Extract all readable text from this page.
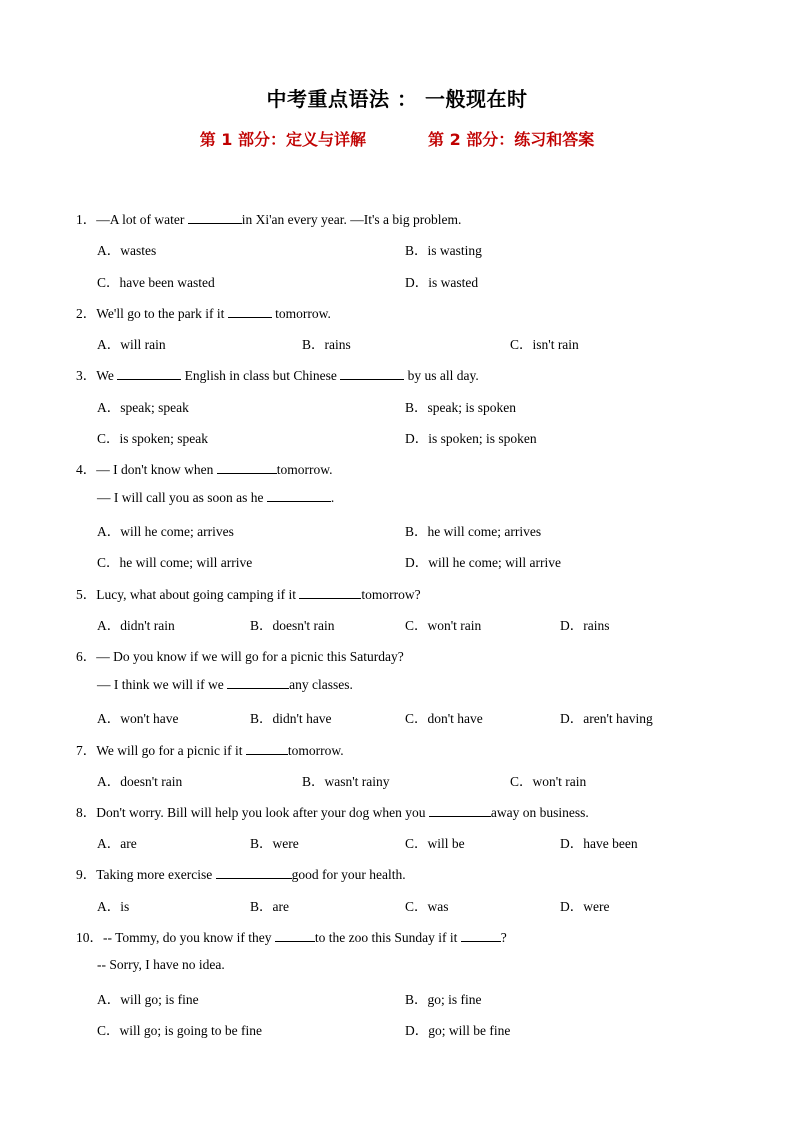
中考重点语法 ： 一般现在时
第 1 部分：定义与详解	第 2 部分：练习和答案
1．—A lot of water	in Xi'an every year. —It's a big problem.
A．wastes	B．is wasting
C．have been wasted	D．is wasted
2．We'll go to the park if it	tomorrow.
A．will rain	B．rains	C．isn't rain
3．We	English in class but Chinese	by us all day.
A．speak; speak	B．speak; is spoken
C．is spoken; speak	D．is spoken; is spoken
4．— I don't know when	tomorrow.
— I will call you as soon as he	.
A．will he come; arrives	B．he will come; arrives
C．he will come; will arrive	D．will he come; will arrive
5．Lucy, what about going camping if it	tomorrow?
A．didn't rain	B．doesn't rain	C．won't rain	D．rains
6．— Do you know if we will go for a picnic this Saturday?
— I think we will if we	any classes.
A．won't have	B．didn't have	C．don't have	D．aren't having
7．We will go for a picnic if it	tomorrow.
A．doesn't rain	B．wasn't rainy	C．won't rain
8．Don't worry. Bill will help you look after your dog when you	away on business.
A．are	B．were	C．will be	D．have been
9．Taking more exercise	good for your health.
A．is	B．are	C．was	D．were
10．-- Tommy, do you know if they	to the zoo this Sunday if it	?
-- Sorry, I have no idea.
A．will go; is fine	B．go; is fine
C．will go; is going to be fine	D．go; will be fine
